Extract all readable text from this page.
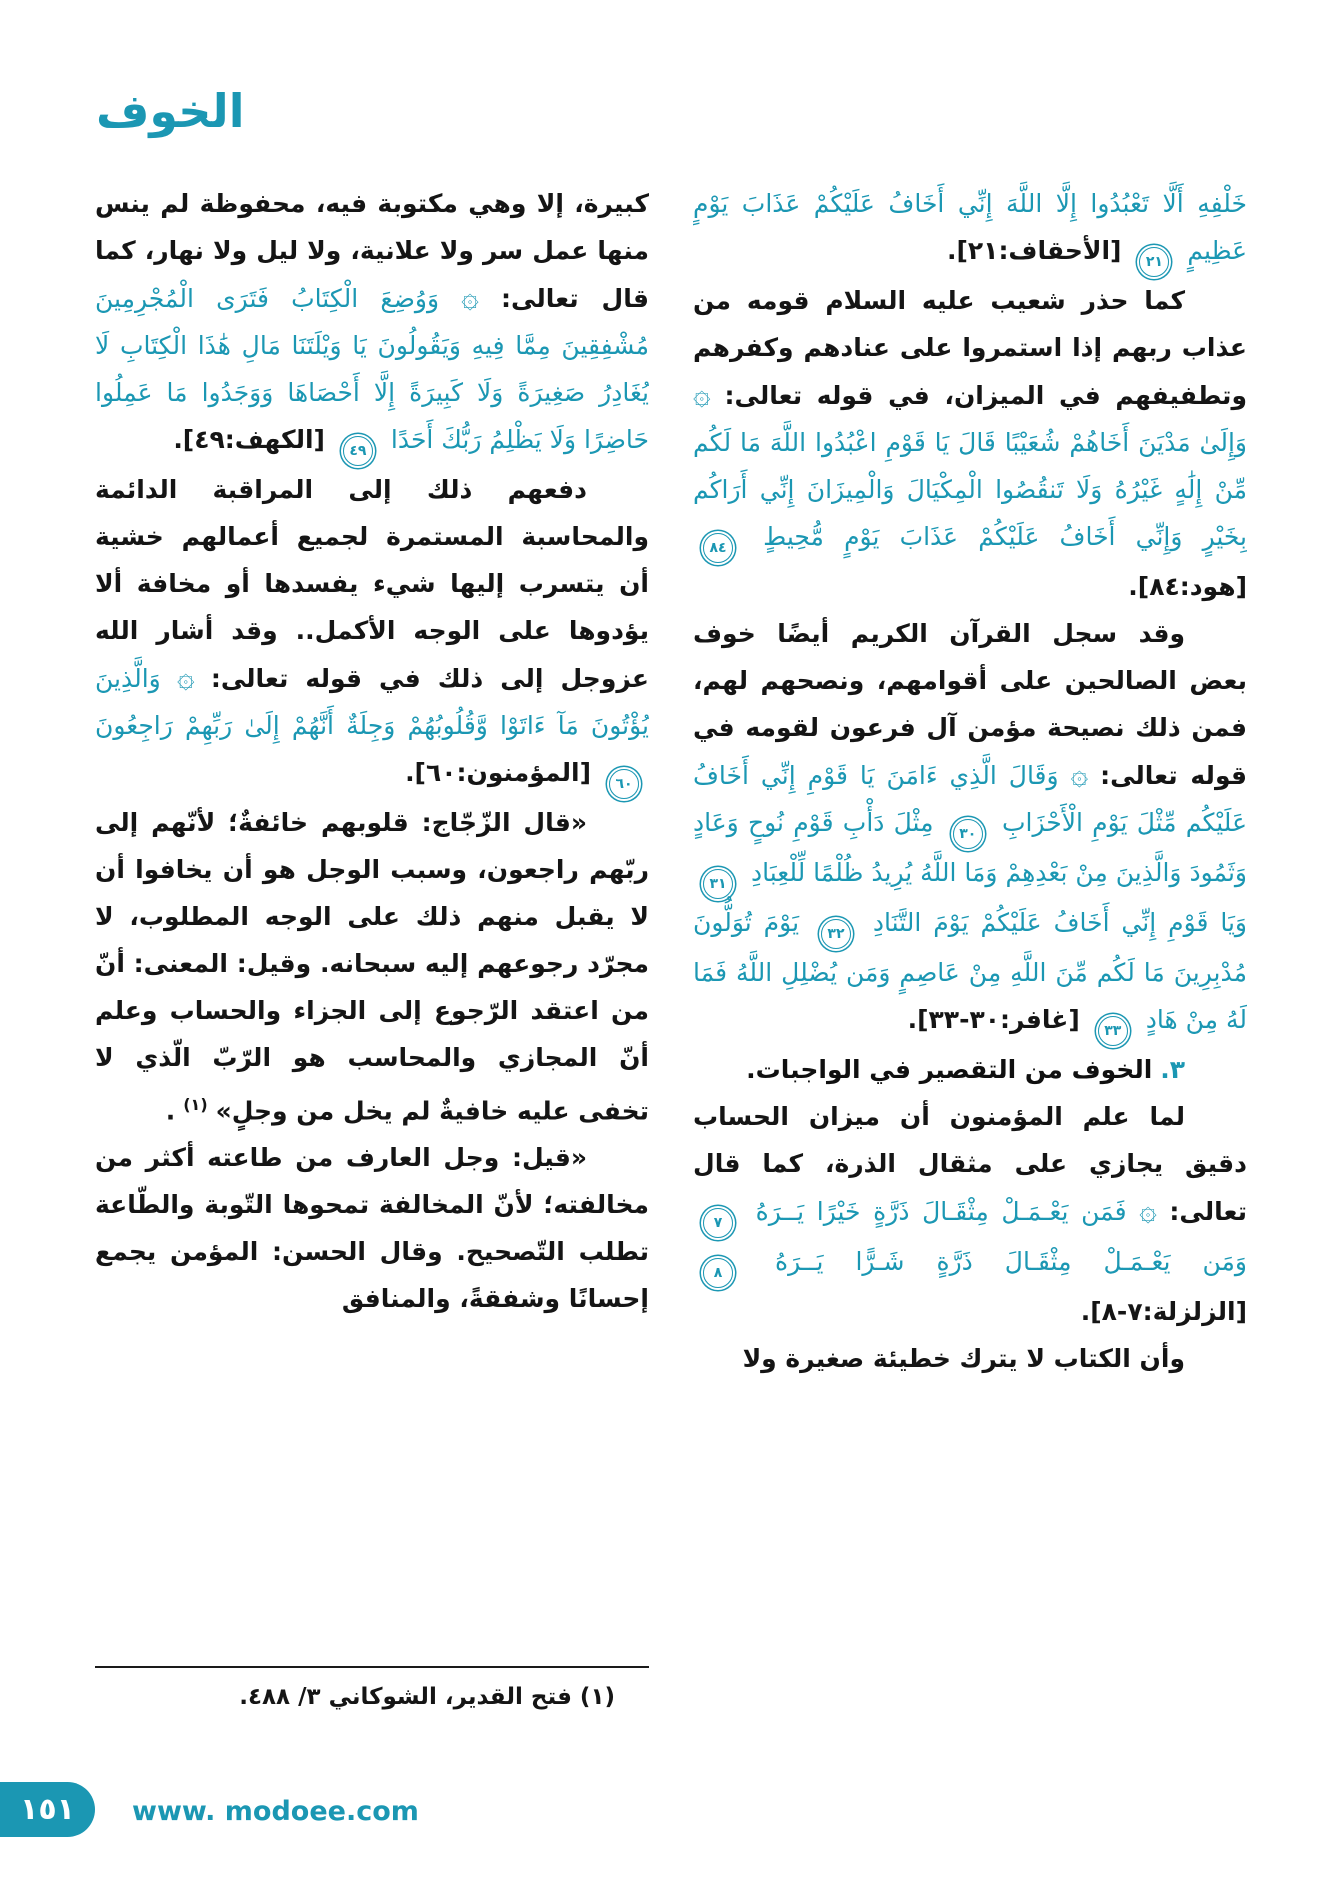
الخوف

خَلْفِهِ أَلَّا تَعْبُدُوا إِلَّا اللَّهَ إِنِّي أَخَافُ عَلَيْكُمْ عَذَابَ يَوْمٍ عَظِيمٍ ٢١ [الأحقاف:٢١].

كما حذر شعيب عليه السلام قومه من عذاب ربهم إذا استمروا على عنادهم وكفرهم وتطفيفهم في الميزان، في قوله تعالى: ۞ وَإِلَىٰ مَدْيَنَ أَخَاهُمْ شُعَيْبًا قَالَ يَا قَوْمِ اعْبُدُوا اللَّهَ مَا لَكُم مِّنْ إِلَٰهٍ غَيْرُهُ وَلَا تَنقُصُوا الْمِكْيَالَ وَالْمِيزَانَ إِنِّي أَرَاكُم بِخَيْرٍ وَإِنِّي أَخَافُ عَلَيْكُمْ عَذَابَ يَوْمٍ مُّحِيطٍ ٨٤ [هود:٨٤].

وقد سجل القرآن الكريم أيضًا خوف بعض الصالحين على أقوامهم، ونصحهم لهم، فمن ذلك نصيحة مؤمن آل فرعون لقومه في قوله تعالى: ۞ وَقَالَ الَّذِي ءَامَنَ يَا قَوْمِ إِنِّي أَخَافُ عَلَيْكُم مِّثْلَ يَوْمِ الْأَحْزَابِ ٣٠ مِثْلَ دَأْبِ قَوْمِ نُوحٍ وَعَادٍ وَثَمُودَ وَالَّذِينَ مِنْ بَعْدِهِمْ وَمَا اللَّهُ يُرِيدُ ظُلْمًا لِّلْعِبَادِ ٣١ وَيَا قَوْمِ إِنِّي أَخَافُ عَلَيْكُمْ يَوْمَ التَّنَادِ ٣٢ يَوْمَ تُوَلُّونَ مُدْبِرِينَ مَا لَكُم مِّنَ اللَّهِ مِنْ عَاصِمٍ وَمَن يُضْلِلِ اللَّهُ فَمَا لَهُ مِنْ هَادٍ ٣٣ [غافر:٣٠-٣٣].

٣. الخوف من التقصير في الواجبات.

لما علم المؤمنون أن ميزان الحساب دقيق يجازي على مثقال الذرة، كما قال تعالى: ۞ فَمَن يَعْـمَـلْ مِثْقَـالَ ذَرَّةٍ خَيْرًا يَــرَهُ ٧ وَمَن يَعْـمَـلْ مِثْقَـالَ ذَرَّةٍ شَـرًّا يَــرَهُ ٨ [الزلزلة:٧-٨].

وأن الكتاب لا يترك خطيئة صغيرة ولا

كبيرة، إلا وهي مكتوبة فيه، محفوظة لم ينس منها عمل سر ولا علانية، ولا ليل ولا نهار، كما قال تعالى: ۞ وَوُضِعَ الْكِتَابُ فَتَرَى الْمُجْرِمِينَ مُشْفِقِينَ مِمَّا فِيهِ وَيَقُولُونَ يَا وَيْلَتَنَا مَالِ هَٰذَا الْكِتَابِ لَا يُغَادِرُ صَغِيرَةً وَلَا كَبِيرَةً إِلَّا أَحْصَاهَا وَوَجَدُوا مَا عَمِلُوا حَاضِرًا وَلَا يَظْلِمُ رَبُّكَ أَحَدًا ٤٩ [الكهف:٤٩].

دفعهم ذلك إلى المراقبة الدائمة والمحاسبة المستمرة لجميع أعمالهم خشية أن يتسرب إليها شيء يفسدها أو مخافة ألا يؤدوها على الوجه الأكمل.. وقد أشار الله عزوجل إلى ذلك في قوله تعالى: ۞ وَالَّذِينَ يُؤْتُونَ مَآ ءَاتَوْا وَّقُلُوبُهُمْ وَجِلَةٌ أَنَّهُمْ إِلَىٰ رَبِّهِمْ رَاجِعُونَ ٦٠ [المؤمنون:٦٠].

«قال الزّجّاج: قلوبهم خائفةٌ؛ لأنّهم إلى ربّهم راجعون، وسبب الوجل هو أن يخافوا أن لا يقبل منهم ذلك على الوجه المطلوب، لا مجرّد رجوعهم إليه سبحانه. وقيل: المعنى: أنّ من اعتقد الرّجوع إلى الجزاء والحساب وعلم أنّ المجازي والمحاسب هو الرّبّ الّذي لا تخفى عليه خافيةٌ لم يخل من وجلٍ» $^{(١)}$ .

«قيل: وجل العارف من طاعته أكثر من مخالفته؛ لأنّ المخالفة تمحوها التّوبة والطّاعة تطلب التّصحيح. وقال الحسن: المؤمن يجمع إحسانًا وشفقةً، والمنافق

(١) فتح القدير، الشوكاني ٣/ ٤٨٨.
١٥١ www. modoee.com
